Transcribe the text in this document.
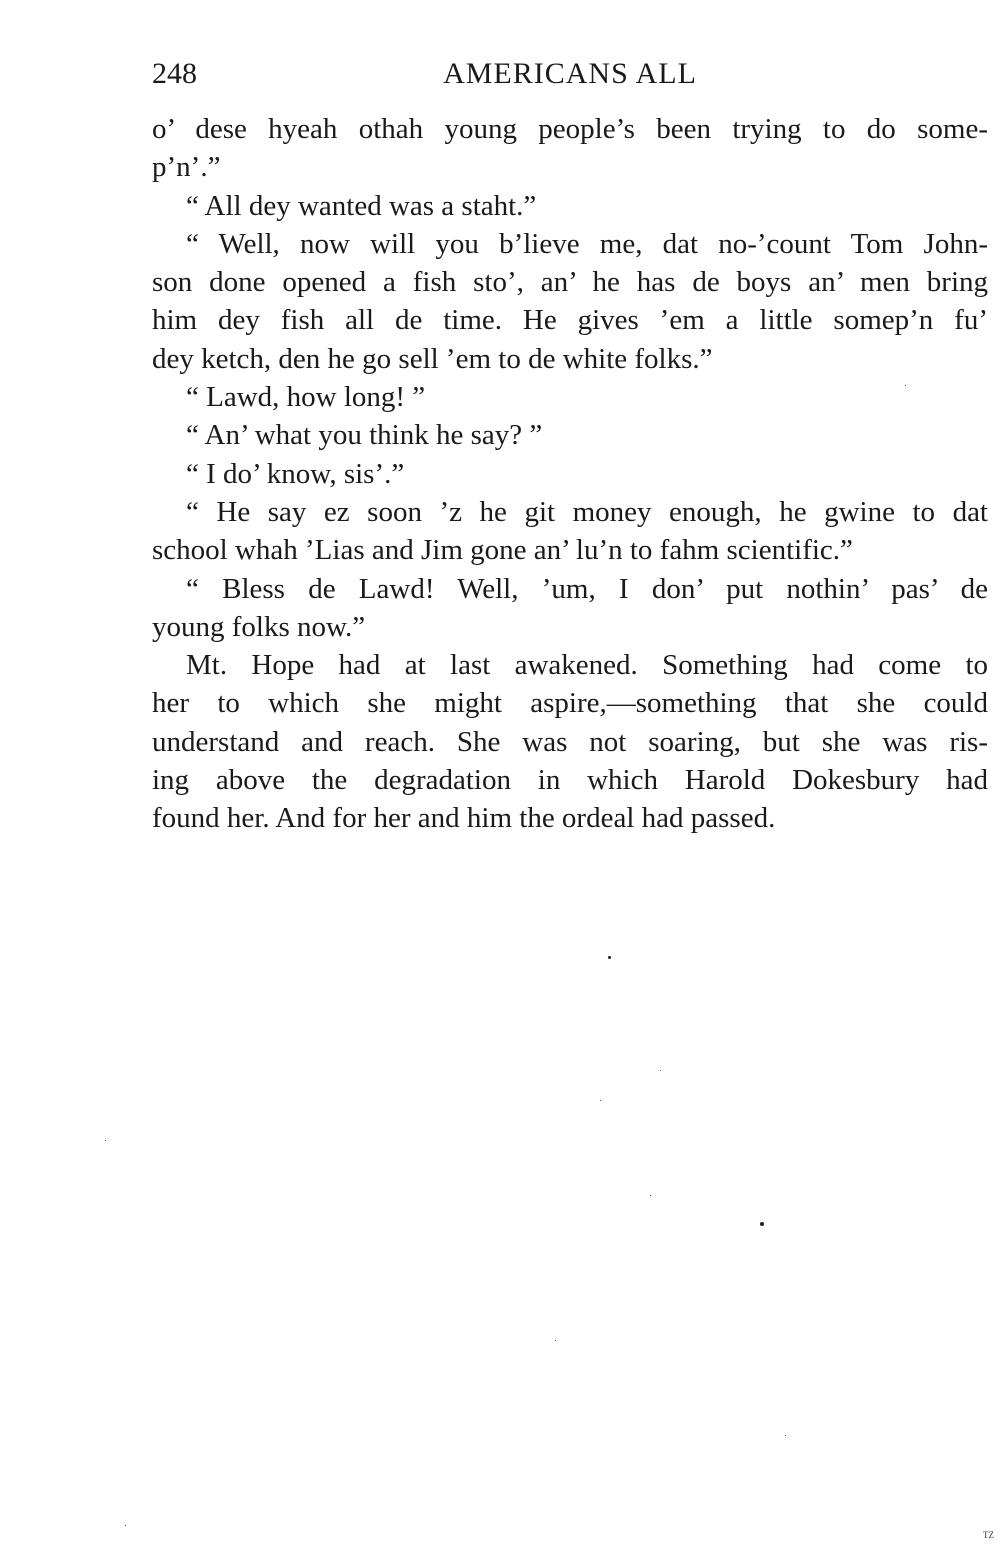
248	AMERICANS ALL
o’ dese hyeah othah young people’s been trying to do some-
p’n’.”
“ All dey wanted was a staht.”
“ Well, now will you b’lieve me, dat no-’count Tom John-
son done opened a fish sto’, an’ he has de boys an’ men bring
him dey fish all de time. He gives ’em a little somep’n fu’
dey ketch, den he go sell ’em to de white folks.”
“ Lawd, how long! ”
“ An’ what you think he say? ”
“ I do’ know, sis’.”
“ He say ez soon ’z he git money enough, he gwine to dat
school whah ’Lias and Jim gone an’ lu’n to fahm scientific.”
“ Bless de Lawd! Well, ’um, I don’ put nothin’ pas’ de
young folks now.”
Mt. Hope had at last awakened. Something had come to
her to which she might aspire,—something that she could
understand and reach. She was not soaring, but she was ris-
ing above the degradation in which Harold Dokesbury had
found her. And for her and him the ordeal had passed.
TZ
